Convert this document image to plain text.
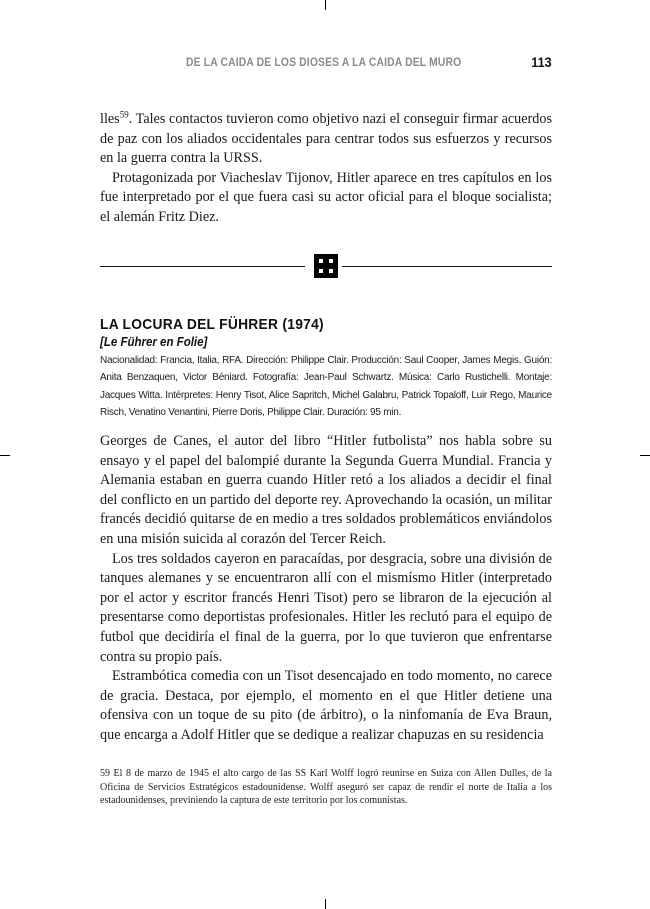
DE LA CAIDA DE LOS DIOSES A LA CAIDA DEL MURO	113

lles$^{59}$. Tales contactos tuvieron como objetivo nazi el conseguir firmar acuerdos de paz con los aliados occidentales para centrar todos sus esfuerzos y recursos en la guerra contra la URSS.

Protagonizada por Viacheslav Tijonov, Hitler aparece en tres capítulos en los fue interpretado por el que fuera casi su actor oficial para el bloque socialista; el alemán Fritz Diez.

LA LOCURA DEL FÜHRER (1974)
[Le Führer en Folie]

Nacionalidad: Francia, Italia, RFA. Dirección: Philippe Clair. Producción: Saul Cooper, James Megis. Guión: Anita Benzaquen, Victor Béniard. Fotografía: Jean-Paul Schwartz. Música: Carlo Rustichelli. Montaje: Jacques Witta. Intérpretes: Henry Tisot, Alice Sapritch, Michel Galabru, Patrick Topaloff, Luir Rego, Maurice Risch, Venatino Venantini, Pierre Doris, Philippe Clair. Duración: 95 min.

Georges de Canes, el autor del libro “Hitler futbolista” nos habla sobre su ensayo y el papel del balompié durante la Segunda Guerra Mundial. Francia y Alemania estaban en guerra cuando Hitler retó a los aliados a decidir el final del conflicto en un partido del deporte rey. Aprovechando la ocasión, un militar francés decidió quitarse de en medio a tres soldados problemáticos enviándolos en una misión suicida al corazón del Tercer Reich.

Los tres soldados cayeron en paracaídas, por desgracia, sobre una división de tanques alemanes y se encuentraron allí con el mismísmo Hitler (interpretado por el actor y escritor francés Henri Tisot) pero se libraron de la ejecución al presentarse como deportistas profesionales. Hitler les reclutó para el equipo de futbol que decidiría el final de la guerra, por lo que tuvieron que enfrentarse contra su propio país.

Estrambótica comedia con un Tisot desencajado en todo momento, no carece de gracia. Destaca, por ejemplo, el momento en el que Hitler detiene una ofensiva con un toque de su pito (de árbitro), o la ninfomanía de Eva Braun, que encarga a Adolf Hitler que se dedique a realizar chapuzas en su residencia

59 El 8 de marzo de 1945 el alto cargo de las SS Karl Wolff logró reunirse en Suiza con Allen Dulles, de la Oficina de Servicios Estratégicos estadounidense. Wolff aseguró ser capaz de rendir el norte de Italia a los estadounidenses, previniendo la captura de este territorio por los comunistas.
